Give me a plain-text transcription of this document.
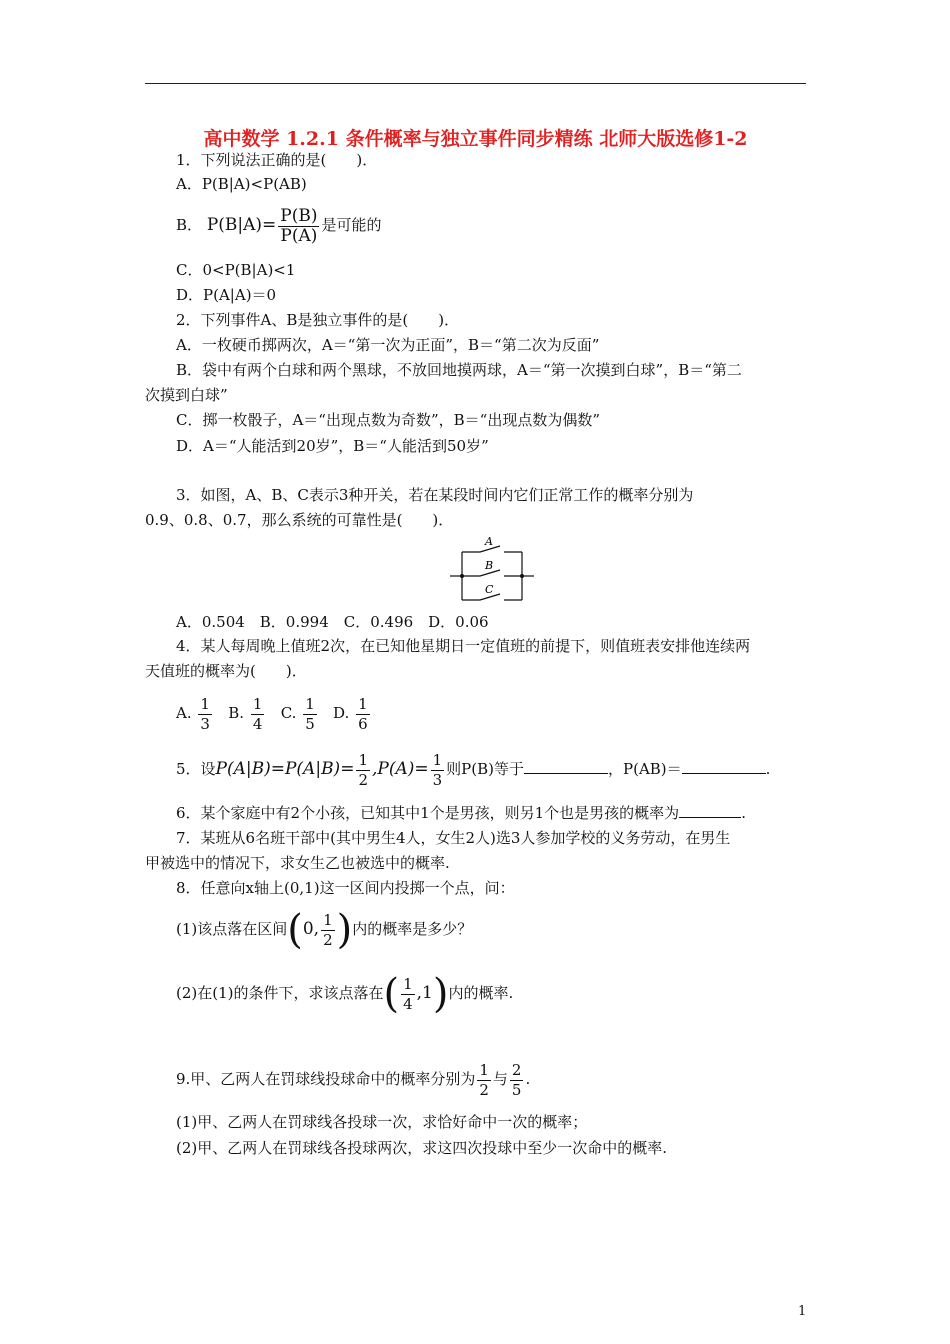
高中数学 1.2.1 条件概率与独立事件同步精练 北师大版选修1-2
1．下列说法正确的是(　　)．
A．P(B|A)<P(AB)
B． $P(B|A)= \frac{P(B)}{P(A)}$ 是可能的
C．0<P(B|A)<1
D．P(A|A)＝0
2．下列事件A、B是独立事件的是(　　)．
A．一枚硬币掷两次，A＝“第一次为正面”，B＝“第二次为反面”
B．袋中有两个白球和两个黑球，不放回地摸两球，A＝“第一次摸到白球”，B＝“第二
次摸到白球”
C．掷一枚骰子，A＝“出现点数为奇数”，B＝“出现点数为偶数”
D．A＝“人能活到20岁”，B＝“人能活到50岁”
3．如图，A、B、C表示3种开关，若在某段时间内它们正常工作的概率分别为
0.9、0.8、0.7，那么系统的可靠性是(　　)．
A
B
C
A．0.504　B．0.994　C．0.496　D．0.06
4．某人每周晚上值班2次，在已知他星期日一定值班的前提下，则值班表安排他连续两
天值班的概率为(　　)．
A. $\frac{1}{3} B$. $\frac{1}{4} C$. $\frac{1}{5} D$. $\frac{1}{6}$
5．设$P(A|B)=P(A|B)= \frac{1}{2} ,P(A)= \frac{1}{3}$ 则P(B)等于	，P(AB)＝	.
6．某个家庭中有2个小孩，已知其中1个是男孩，则另1个也是男孩的概率为	.
7．某班从6名班干部中(其中男生4人，女生2人)选3人参加学校的义务劳动，在男生
甲被选中的情况下，求女生乙也被选中的概率.
8．任意向x轴上(0,1)这一区间内投掷一个点，问：
(1)该点落在区间(0, $\frac{1}{2}$ )内的概率是多少？
(2)在(1)的条件下，求该点落在( $\frac{1}{4} ,1$)内的概率.
9.甲、乙两人在罚球线投球命中的概率分别为 $\frac{1}{2}$ 与 $\frac{2}{5}$ .
(1)甲、乙两人在罚球线各投球一次，求恰好命中一次的概率；
(2)甲、乙两人在罚球线各投球两次，求这四次投球中至少一次命中的概率.
1
